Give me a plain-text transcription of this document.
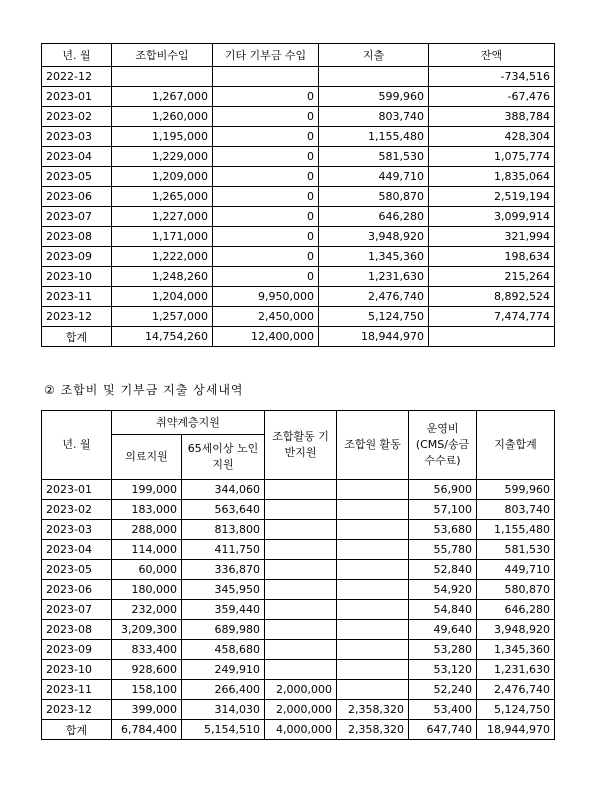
년. 월	조합비수입	기타 기부금 수입	지출	잔액
2022-12				-734,516
2023-01	1,267,000	0	599,960	-67,476
2023-02	1,260,000	0	803,740	388,784
2023-03	1,195,000	0	1,155,480	428,304
2023-04	1,229,000	0	581,530	1,075,774
2023-05	1,209,000	0	449,710	1,835,064
2023-06	1,265,000	0	580,870	2,519,194
2023-07	1,227,000	0	646,280	3,099,914
2023-08	1,171,000	0	3,948,920	321,994
2023-09	1,222,000	0	1,345,360	198,634
2023-10	1,248,260	0	1,231,630	215,264
2023-11	1,204,000	9,950,000	2,476,740	8,892,524
2023-12	1,257,000	2,450,000	5,124,750	7,474,774
합계	14,754,260	12,400,000	18,944,970	
② 조합비 및 기부금 지출 상세내역
년. 월	취약계층지원		조합활동 기반지원	조합원 활동	운영비 (CMS/송금 수수료)	지출합계
	의료지원	65세이상 노인지원				
2023-01	199,000	344,060			56,900	599,960
2023-02	183,000	563,640			57,100	803,740
2023-03	288,000	813,800			53,680	1,155,480
2023-04	114,000	411,750			55,780	581,530
2023-05	60,000	336,870			52,840	449,710
2023-06	180,000	345,950			54,920	580,870
2023-07	232,000	359,440			54,840	646,280
2023-08	3,209,300	689,980			49,640	3,948,920
2023-09	833,400	458,680			53,280	1,345,360
2023-10	928,600	249,910			53,120	1,231,630
2023-11	158,100	266,400	2,000,000		52,240	2,476,740
2023-12	399,000	314,030	2,000,000	2,358,320	53,400	5,124,750
합계	6,784,400	5,154,510	4,000,000	2,358,320	647,740	18,944,970
